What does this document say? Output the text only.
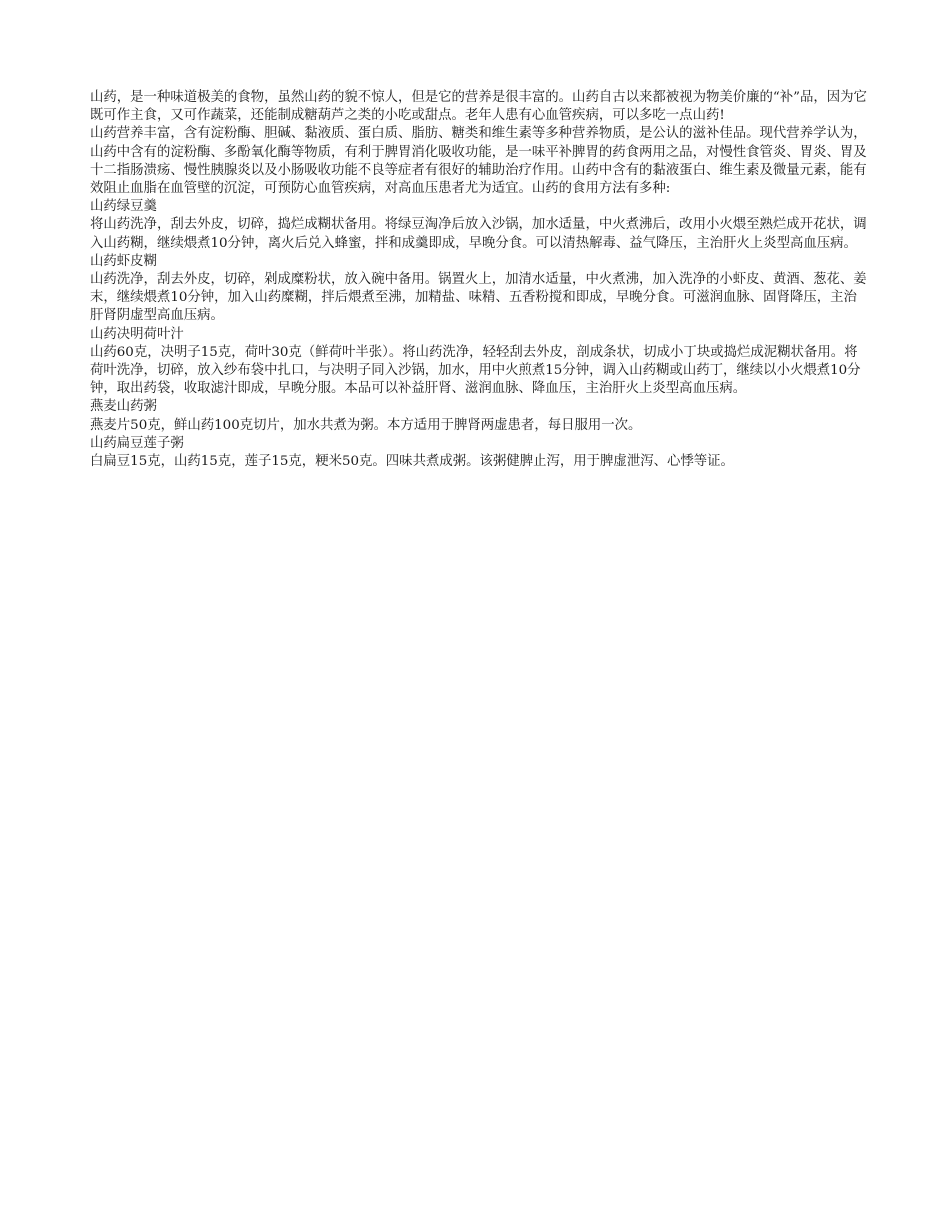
山药，是一种味道极美的食物，虽然山药的貌不惊人，但是它的营养是很丰富的。山药自古以来都被视为物美价廉的“补”品，因为它既可作主食，又可作蔬菜，还能制成糖葫芦之类的小吃或甜点。老年人患有心血管疾病，可以多吃一点山药!

山药营养丰富，含有淀粉酶、胆碱、黏液质、蛋白质、脂肪、糖类和维生素等多种营养物质，是公认的滋补佳品。现代营养学认为，山药中含有的淀粉酶、多酚氧化酶等物质，有利于脾胃消化吸收功能，是一味平补脾胃的药食两用之品，对慢性食管炎、胃炎、胃及十二指肠溃疡、慢性胰腺炎以及小肠吸收功能不良等症者有很好的辅助治疗作用。山药中含有的黏液蛋白、维生素及微量元素，能有效阻止血脂在血管壁的沉淀，可预防心血管疾病，对高血压患者尤为适宜。山药的食用方法有多种:

山药绿豆羹

将山药洗净，刮去外皮，切碎，捣烂成糊状备用。将绿豆淘净后放入沙锅，加水适量，中火煮沸后，改用小火煨至熟烂成开花状，调入山药糊，继续煨煮10分钟，离火后兑入蜂蜜，拌和成羹即成，早晚分食。可以清热解毒、益气降压，主治肝火上炎型高血压病。

山药虾皮糊

山药洗净，刮去外皮，切碎，剁成糜粉状，放入碗中备用。锅置火上，加清水适量，中火煮沸，加入洗净的小虾皮、黄酒、葱花、姜末，继续煨煮10分钟，加入山药糜糊，拌后煨煮至沸，加精盐、味精、五香粉搅和即成，早晚分食。可滋润血脉、固肾降压，主治肝肾阴虚型高血压病。

山药决明荷叶汁

山药60克，决明子15克，荷叶30克（鲜荷叶半张）。将山药洗净，轻轻刮去外皮，剖成条状，切成小丁块或捣烂成泥糊状备用。将荷叶洗净，切碎，放入纱布袋中扎口，与决明子同入沙锅，加水，用中火煎煮15分钟，调入山药糊或山药丁，继续以小火煨煮10分钟，取出药袋，收取滤汁即成，早晚分服。本品可以补益肝肾、滋润血脉、降血压，主治肝火上炎型高血压病。

燕麦山药粥

燕麦片50克，鲜山药100克切片，加水共煮为粥。本方适用于脾肾两虚患者，每日服用一次。

山药扁豆莲子粥

白扁豆15克，山药15克，莲子15克，粳米50克。四味共煮成粥。该粥健脾止泻，用于脾虚泄泻、心悸等证。
